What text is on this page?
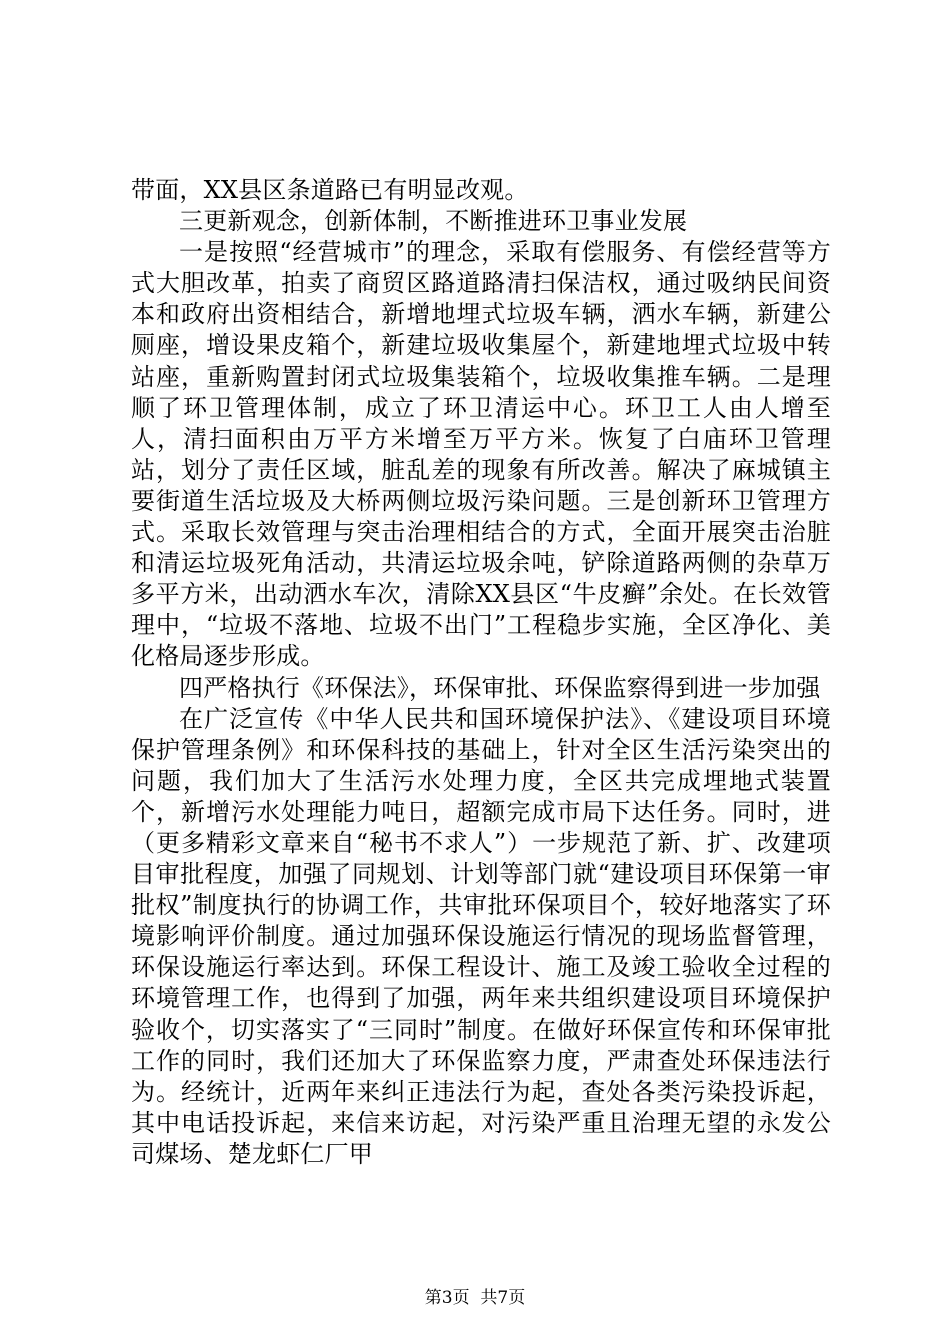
带面，XX县区条道路已有明显改观。

三更新观念，创新体制，不断推进环卫事业发展

一是按照“经营城市”的理念，采取有偿服务、有偿经营等方式大胆改革，拍卖了商贸区路道路清扫保洁权，通过吸纳民间资本和政府出资相结合，新增地埋式垃圾车辆，洒水车辆，新建公厕座，增设果皮箱个，新建垃圾收集屋个，新建地埋式垃圾中转站座，重新购置封闭式垃圾集装箱个，垃圾收集推车辆。二是理顺了环卫管理体制，成立了环卫清运中心。环卫工人由人增至人，清扫面积由万平方米增至万平方米。恢复了白庙环卫管理站，划分了责任区域，脏乱差的现象有所改善。解决了麻城镇主要街道生活垃圾及大桥两侧垃圾污染问题。三是创新环卫管理方式。采取长效管理与突击治理相结合的方式，全面开展突击治脏和清运垃圾死角活动，共清运垃圾余吨，铲除道路两侧的杂草万多平方米，出动洒水车次，清除XX县区“牛皮癣”余处。在长效管理中，“垃圾不落地、垃圾不出门”工程稳步实施，全区净化、美化格局逐步形成。

四严格执行《环保法》，环保审批、环保监察得到进一步加强

在广泛宣传《中华人民共和国环境保护法》、《建设项目环境保护管理条例》和环保科技的基础上，针对全区生活污染突出的问题，我们加大了生活污水处理力度，全区共完成埋地式装置个，新增污水处理能力吨日，超额完成市局下达任务。同时，进（更多精彩文章来自“秘书不求人”）一步规范了新、扩、改建项目审批程度，加强了同规划、计划等部门就“建设项目环保第一审批权”制度执行的协调工作，共审批环保项目个，较好地落实了环境影响评价制度。通过加强环保设施运行情况的现场监督管理，环保设施运行率达到。环保工程设计、施工及竣工验收全过程的环境管理工作，也得到了加强，两年来共组织建设项目环境保护验收个，切实落实了“三同时”制度。在做好环保宣传和环保审批工作的同时，我们还加大了环保监察力度，严肃查处环保违法行为。经统计，近两年来纠正违法行为起，查处各类污染投诉起，其中电话投诉起，来信来访起，对污染严重且治理无望的永发公司煤场、楚龙虾仁厂甲

第3页  共7页
